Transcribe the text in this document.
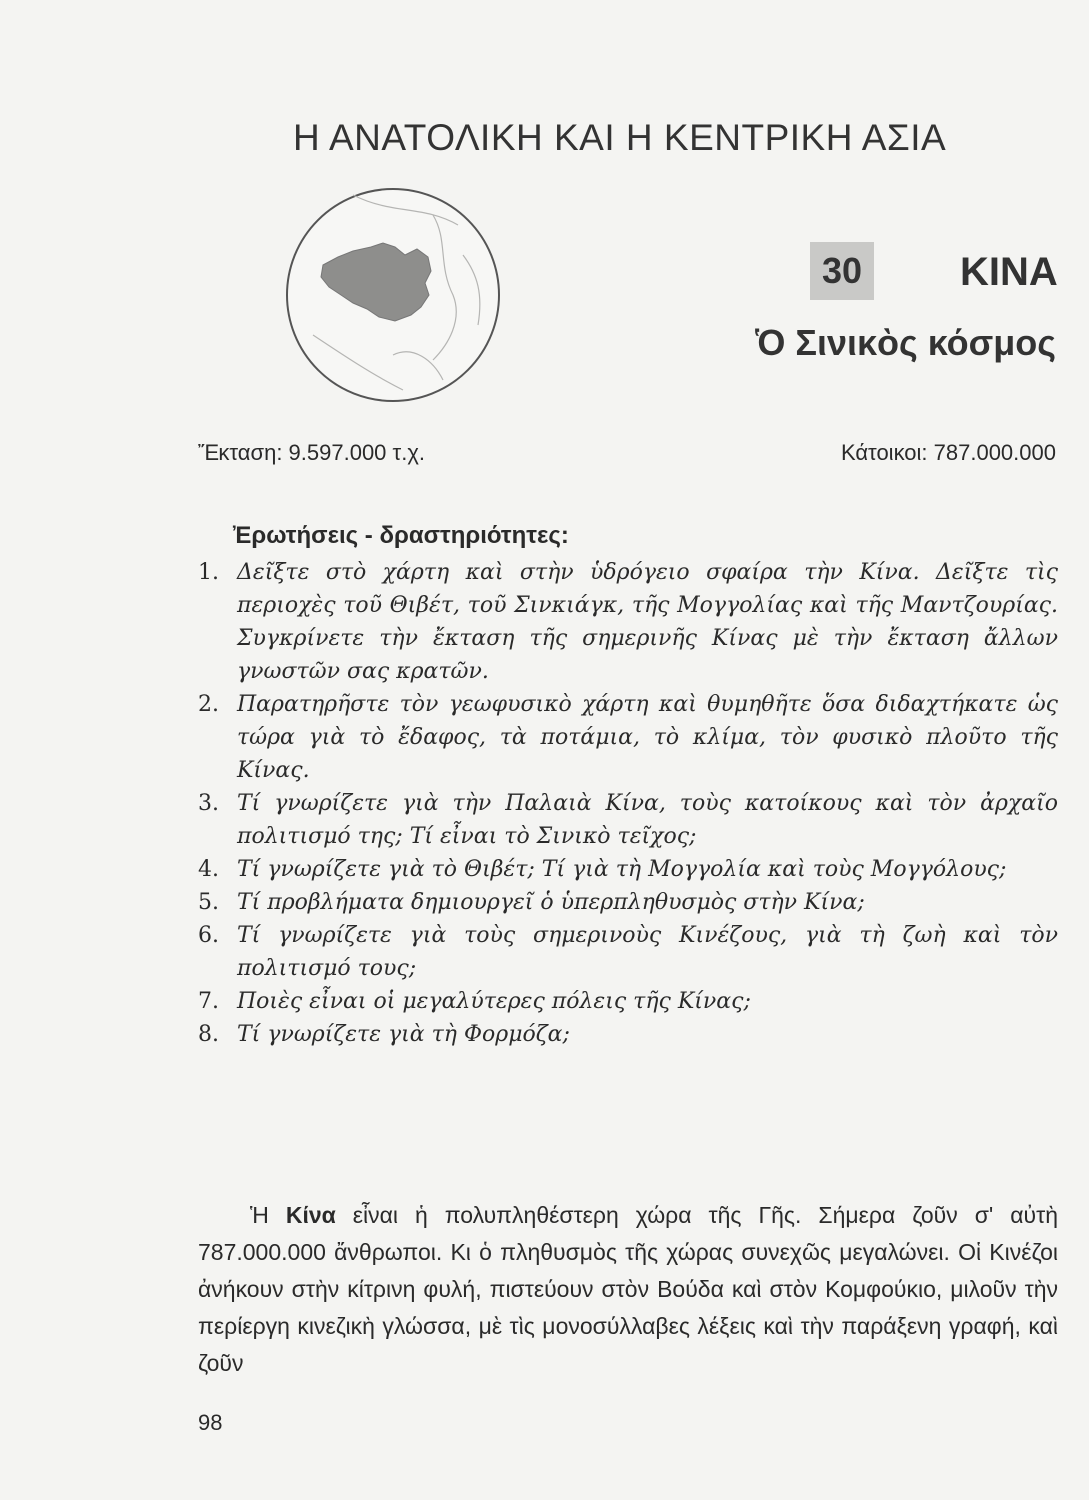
Η ΑΝΑΤΟΛΙΚΗ ΚΑΙ Η ΚΕΝΤΡΙΚΗ ΑΣΙΑ
30 ΚΙΝΑ
Ὁ Σινικὸς κόσμος
Ἔκταση: 9.597.000 τ.χ.	Κάτοικοι: 787.000.000
Ἐρωτήσεις - δραστηριότητες:
1. Δεῖξτε στὸ χάρτη καὶ στὴν ὑδρόγειο σφαίρα τὴν Κίνα. Δεῖξτε τὶς περιοχὲς τοῦ Θιβέτ, τοῦ Σινκιάγκ, τῆς Μογγολίας καὶ τῆς Μαντζουρίας. Συγκρίνετε τὴν ἔκταση τῆς σημερινῆς Κίνας μὲ τὴν ἔκταση ἄλλων γνωστῶν σας κρατῶν.
2. Παρατηρῆστε τὸν γεωφυσικὸ χάρτη καὶ θυμηθῆτε ὅσα διδαχτήκατε ὡς τώρα γιὰ τὸ ἔδαφος, τὰ ποτάμια, τὸ κλίμα, τὸν φυσικὸ πλοῦτο τῆς Κίνας.
3. Τί γνωρίζετε γιὰ τὴν Παλαιὰ Κίνα, τοὺς κατοίκους καὶ τὸν ἀρχαῖο πολιτισμό της; Τί εἶναι τὸ Σινικὸ τεῖχος;
4. Τί γνωρίζετε γιὰ τὸ Θιβέτ; Τί γιὰ τὴ Μογγολία καὶ τοὺς Μογγόλους;
5. Τί προβλήματα δημιουργεῖ ὁ ὑπερπληθυσμὸς στὴν Κίνα;
6. Τί γνωρίζετε γιὰ τοὺς σημερινοὺς Κινέζους, γιὰ τὴ ζωὴ καὶ τὸν πολιτισμό τους;
7. Ποιὲς εἶναι οἱ μεγαλύτερες πόλεις τῆς Κίνας;
8. Τί γνωρίζετε γιὰ τὴ Φορμόζα;

Ἡ Κίνα εἶναι ἡ πολυπληθέστερη χώρα τῆς Γῆς. Σήμερα ζοῦν σ' αὐτὴ 787.000.000 ἄνθρωποι. Κι ὁ πληθυσμὸς τῆς χώρας συνεχῶς μεγαλώνει. Οἱ Κινέζοι ἀνήκουν στὴν κίτρινη φυλή, πιστεύουν στὸν Βούδα καὶ στὸν Κομφούκιο, μιλοῦν τὴν περίεργη κινεζικὴ γλώσσα, μὲ τὶς μονοσύλλαβες λέξεις καὶ τὴν παράξενη γραφή, καὶ ζοῦν

98
